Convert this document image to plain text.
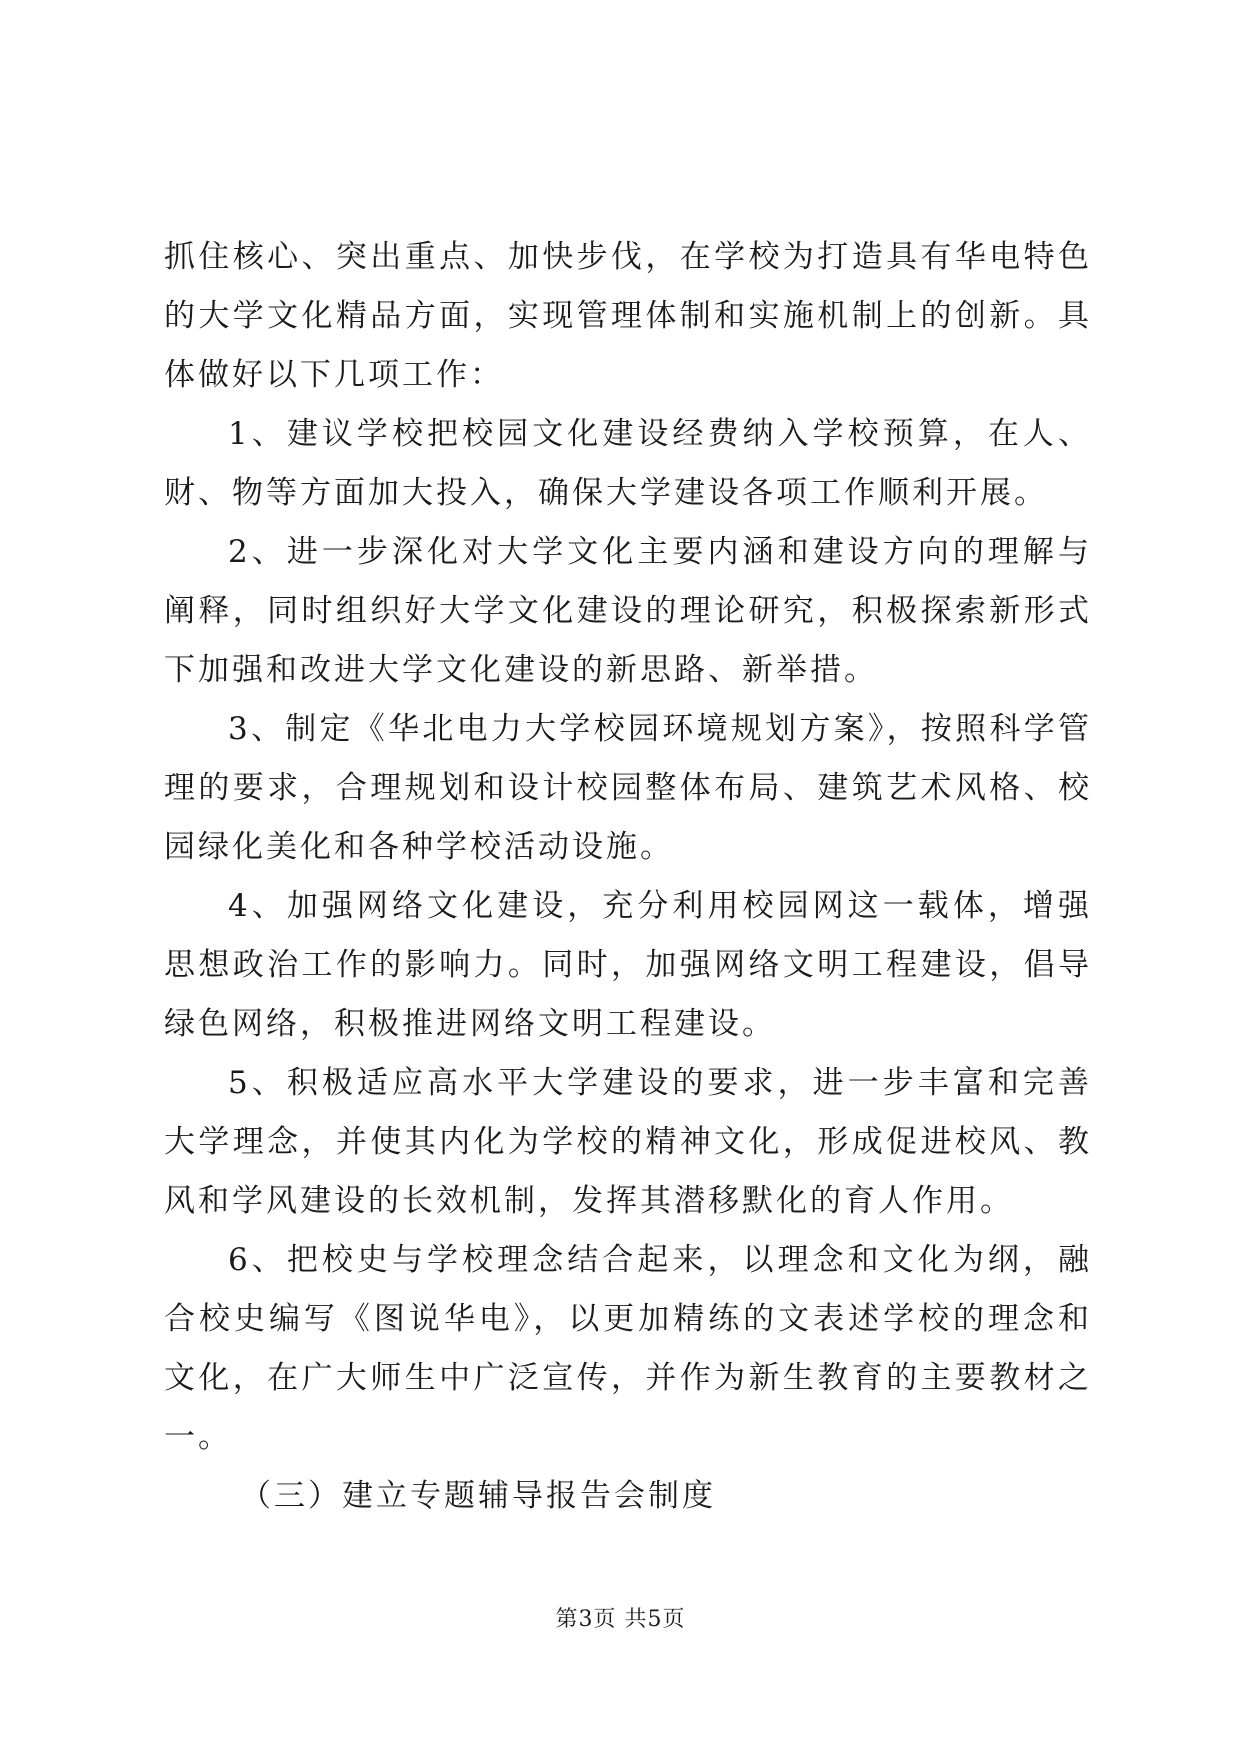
抓住核心、突出重点、加快步伐，在学校为打造具有华电特色的大学文化精品方面，实现管理体制和实施机制上的创新。具体做好以下几项工作：

1、建议学校把校园文化建设经费纳入学校预算，在人、财、物等方面加大投入，确保大学建设各项工作顺利开展。

2、进一步深化对大学文化主要内涵和建设方向的理解与阐释，同时组织好大学文化建设的理论研究，积极探索新形式下加强和改进大学文化建设的新思路、新举措。

3、制定《华北电力大学校园环境规划方案》，按照科学管理的要求，合理规划和设计校园整体布局、建筑艺术风格、校园绿化美化和各种学校活动设施。

4、加强网络文化建设，充分利用校园网这一载体，增强思想政治工作的影响力。同时，加强网络文明工程建设，倡导绿色网络，积极推进网络文明工程建设。

5、积极适应高水平大学建设的要求，进一步丰富和完善大学理念，并使其内化为学校的精神文化，形成促进校风、教风和学风建设的长效机制，发挥其潜移默化的育人作用。

6、把校史与学校理念结合起来，以理念和文化为纲，融合校史编写《图说华电》，以更加精练的文表述学校的理念和文化，在广大师生中广泛宣传，并作为新生教育的主要教材之一。

（三）建立专题辅导报告会制度

第3页 共5页
